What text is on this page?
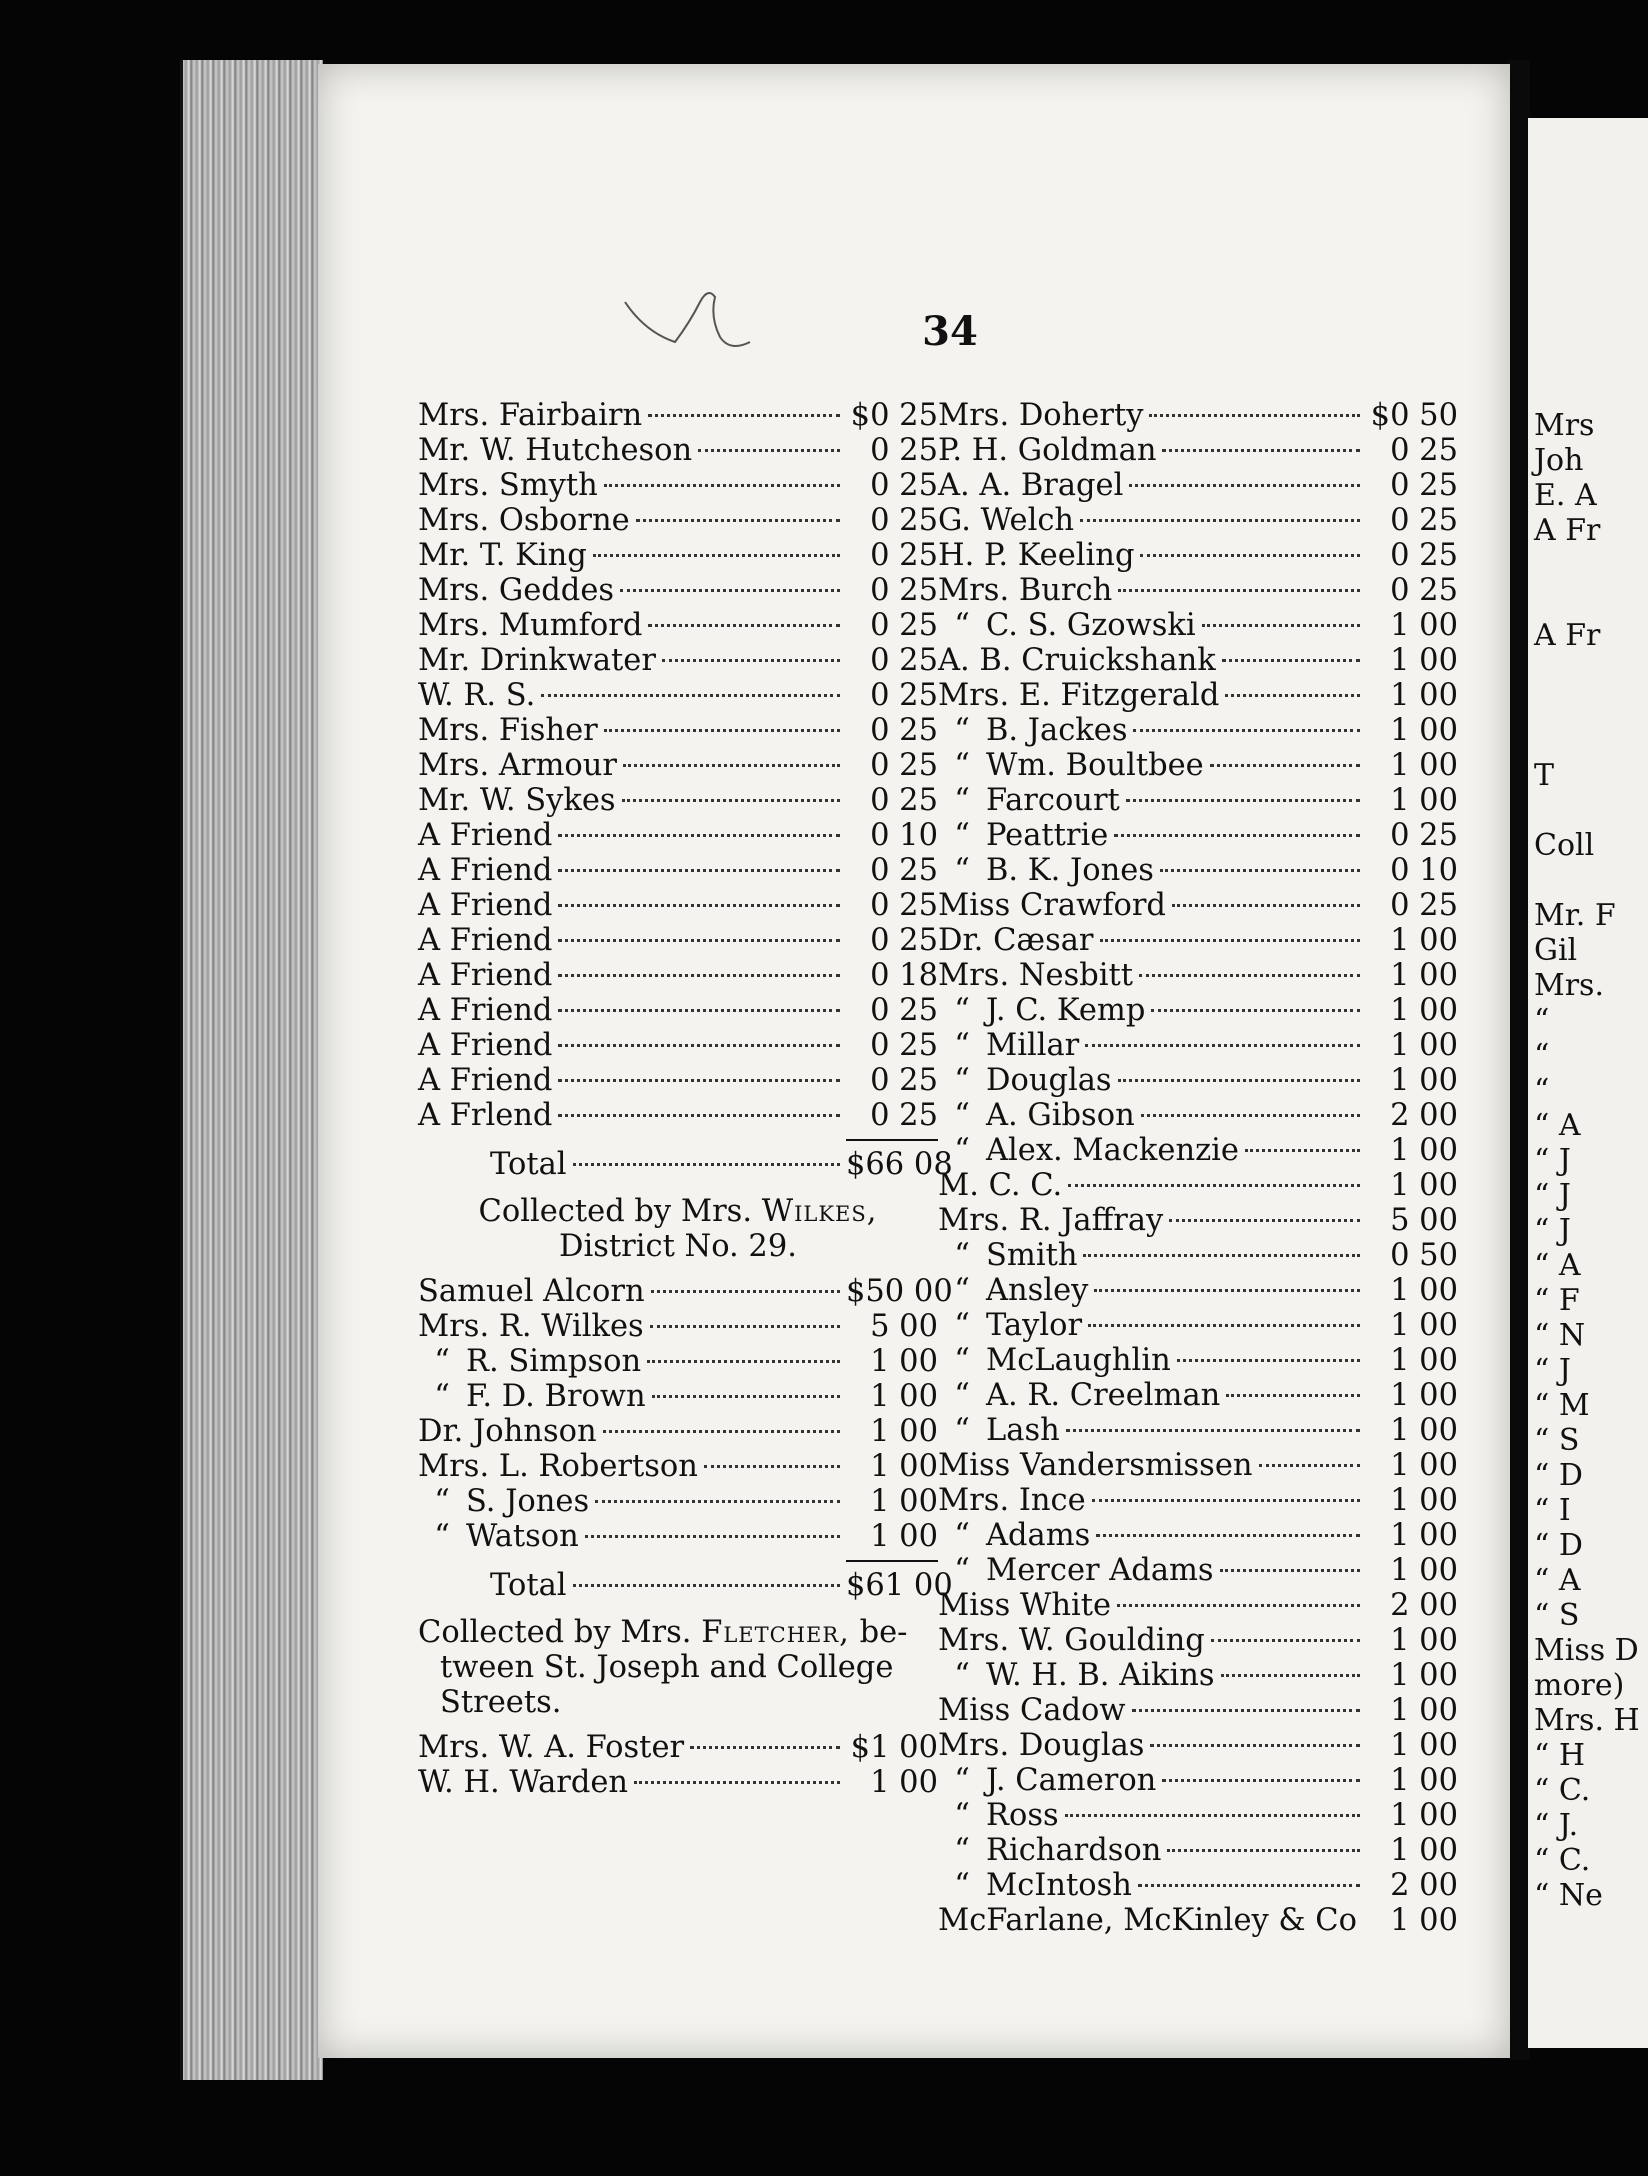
34
Mrs. Fairbairn	$0 25
Mr. W. Hutcheson	0 25
Mrs. Smyth	0 25
Mrs. Osborne	0 25
Mr. T. King	0 25
Mrs. Geddes	0 25
Mrs. Mumford	0 25
Mr. Drinkwater	0 25
W. R. S.	0 25
Mrs. Fisher	0 25
Mrs. Armour	0 25
Mr. W. Sykes	0 25
A Friend	0 10
A Friend	0 25
A Friend	0 25
A Friend	0 25
A Friend	0 18
A Friend	0 25
A Friend	0 25
A Friend	0 25
A Frlend	0 25
Total	$66 08
Collected by Mrs. Wilkes,
District No. 29.
Samuel Alcorn	$50 00
Mrs. R. Wilkes	5 00
“ R. Simpson	1 00
“ F. D. Brown	1 00
Dr. Johnson	1 00
Mrs. L. Robertson	1 00
“ S. Jones	1 00
“ Watson	1 00
Total	$61 00
Collected by Mrs. Fletcher, be-
tween St. Joseph and College
Streets.
Mrs. W. A. Foster	$1 00
W. H. Warden	1 00
Mrs. Doherty	$0 50
P. H. Goldman	0 25
A. A. Bragel	0 25
G. Welch	0 25
H. P. Keeling	0 25
Mrs. Burch	0 25
“ C. S. Gzowski	1 00
A. B. Cruickshank	1 00
Mrs. E. Fitzgerald	1 00
“ B. Jackes	1 00
“ Wm. Boultbee	1 00
“ Farcourt	1 00
“ Peattrie	0 25
“ B. K. Jones	0 10
Miss Crawford	0 25
Dr. Cæsar	1 00
Mrs. Nesbitt	1 00
“ J. C. Kemp	1 00
“ Millar	1 00
“ Douglas	1 00
“ A. Gibson	2 00
“ Alex. Mackenzie	1 00
M. C. C.	1 00
Mrs. R. Jaffray	5 00
“ Smith	0 50
“ Ansley	1 00
“ Taylor	1 00
“ McLaughlin	1 00
“ A. R. Creelman	1 00
“ Lash	1 00
Miss Vandersmissen	1 00
Mrs. Ince	1 00
“ Adams	1 00
“ Mercer Adams	1 00
Miss White	2 00
Mrs. W. Goulding	1 00
“ W. H. B. Aikins	1 00
Miss Cadow	1 00
Mrs. Douglas	1 00
“ J. Cameron	1 00
“ Ross	1 00
“ Richardson	1 00
“ McIntosh	2 00
McFarlane, McKinley & Co	1 00
Mrs
Joh
E. A
A Fr

A Fr

T

Coll

Mr. F
Gil
Mrs.
“
“
“
“ A
“ J
“ J
“ J
“ A
“ F
“ N
“ J
“ M
“ S
“ D
“ I
“ D
“ A
“ S
Miss D
more)
Mrs. H
“ H
“ C.
“ J.
“ C.
“ Ne
